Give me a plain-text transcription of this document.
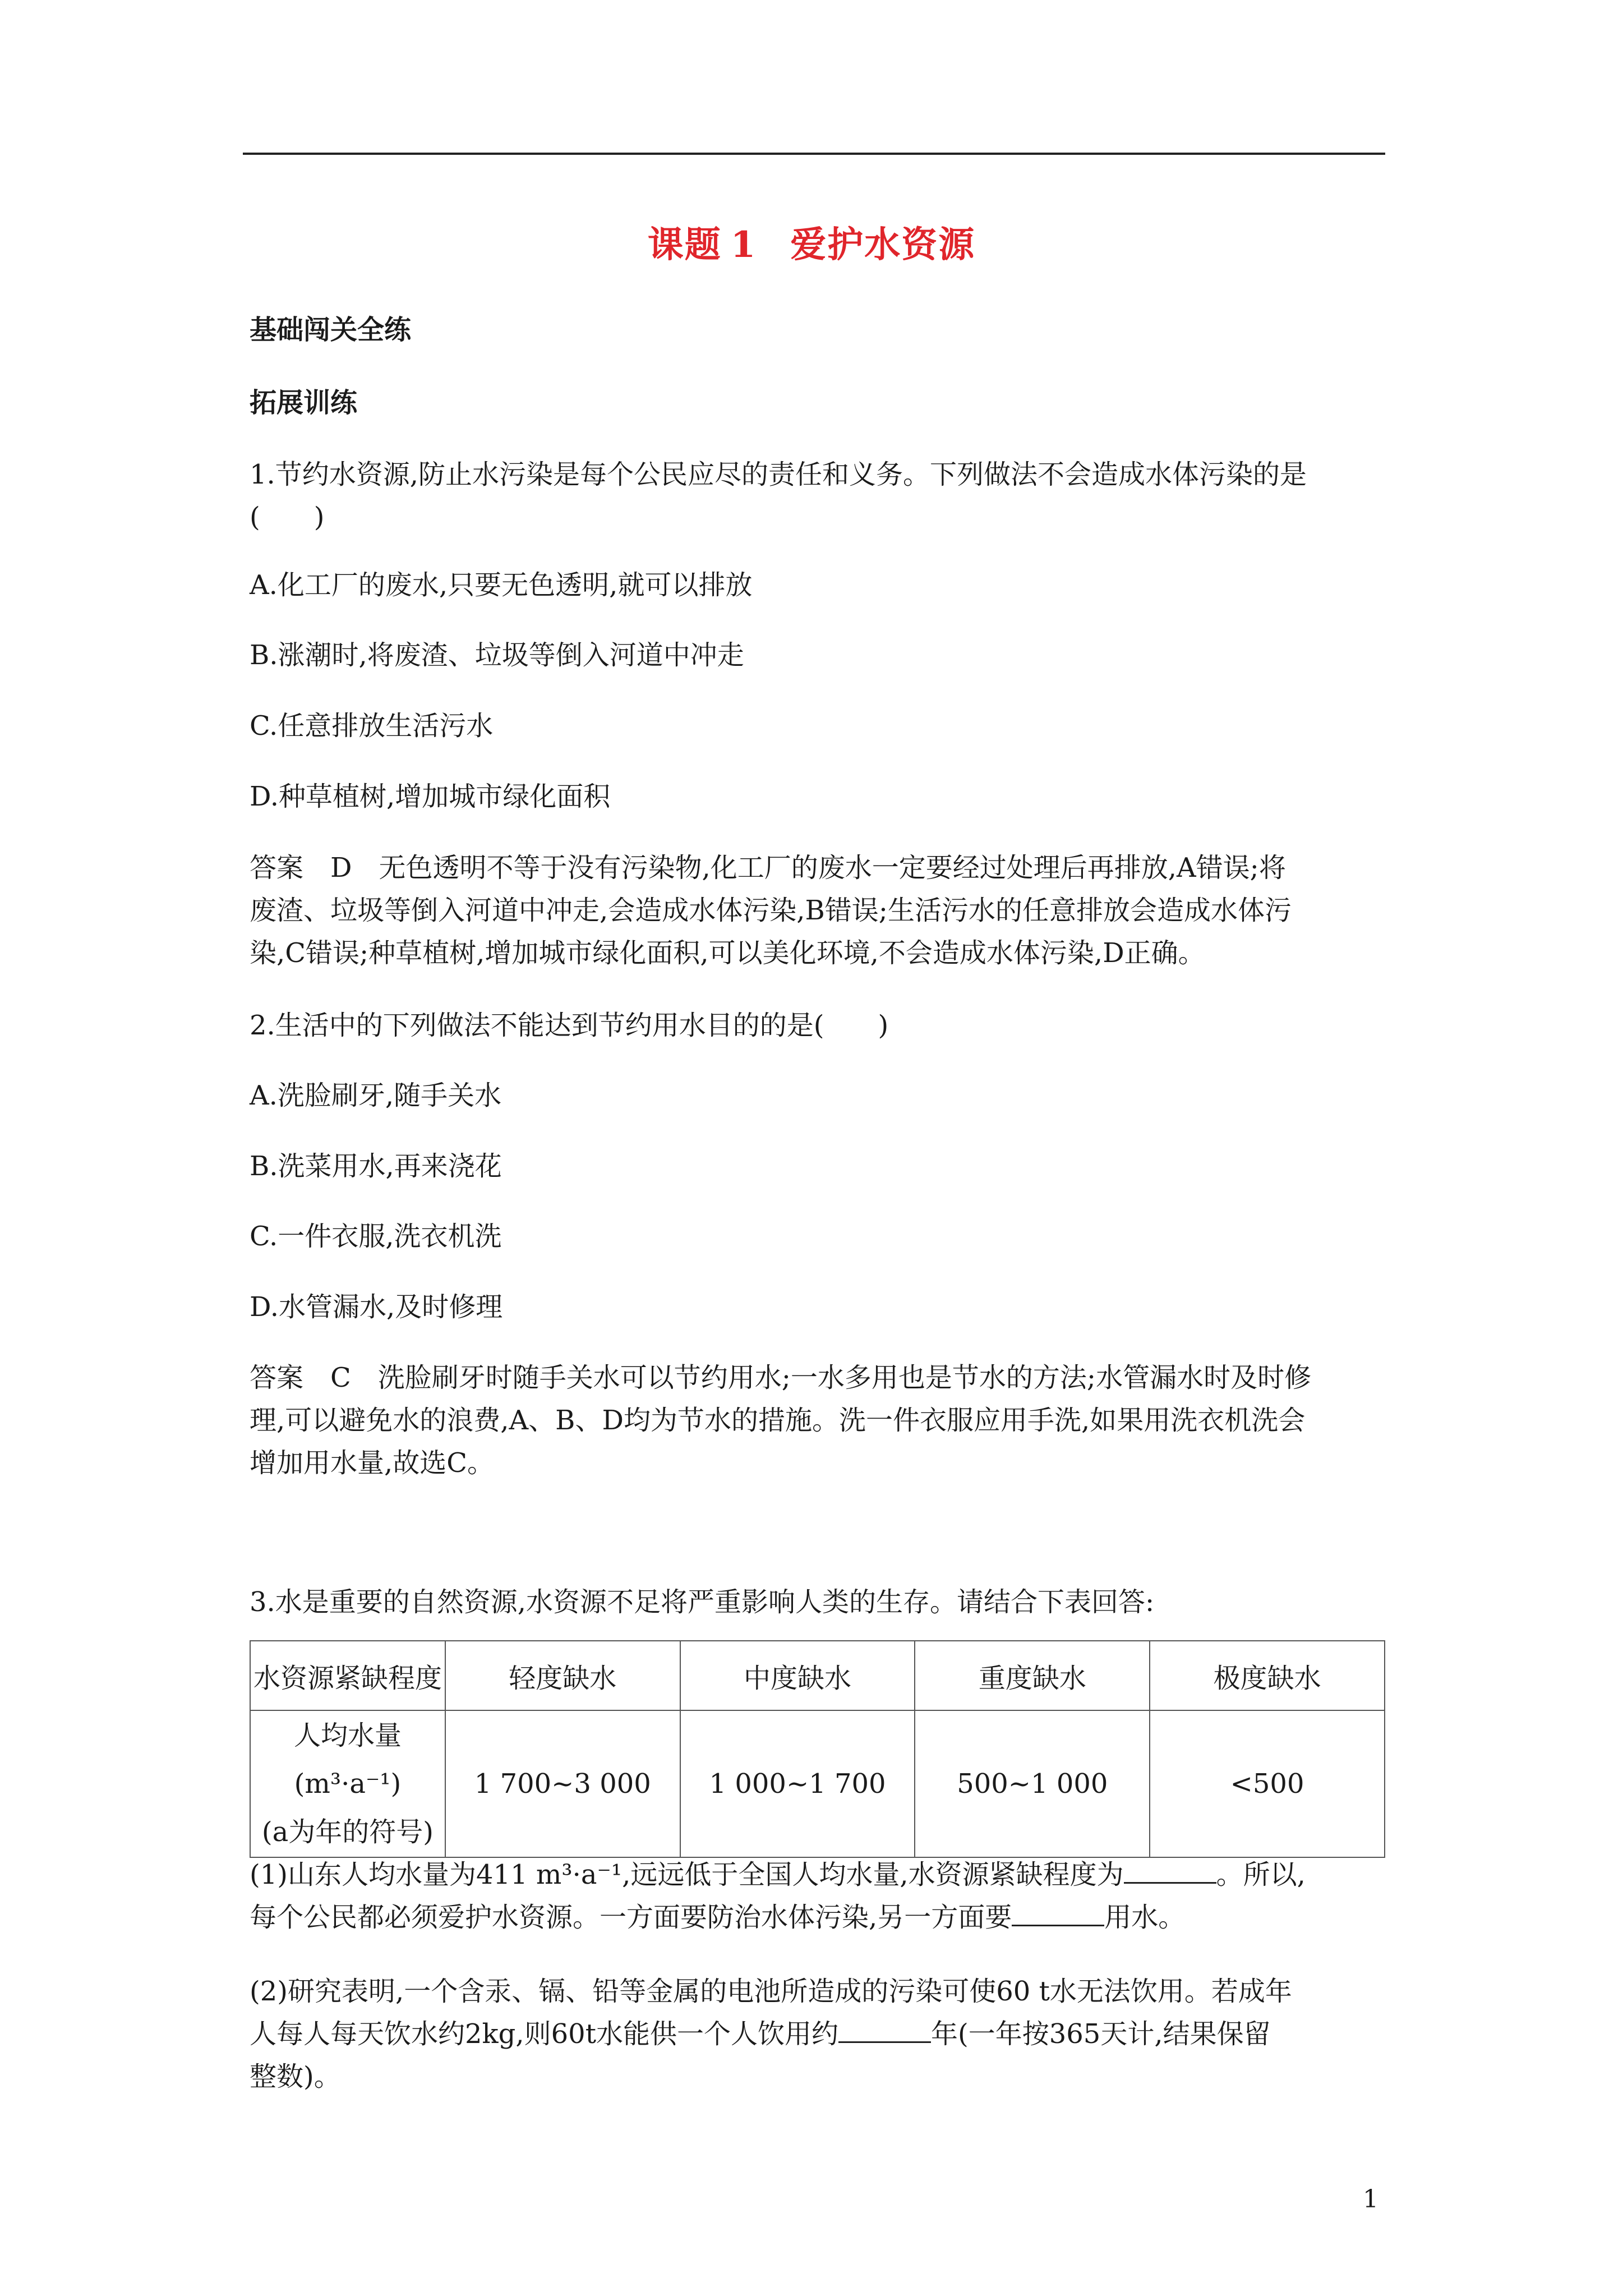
课题 1 爱护水资源
基础闯关全练
拓展训练
1.节约水资源,防止水污染是每个公民应尽的责任和义务。下列做法不会造成水体污染的是
(　　)
A.化工厂的废水,只要无色透明,就可以排放
B.涨潮时,将废渣、垃圾等倒入河道中冲走
C.任意排放生活污水
D.种草植树,增加城市绿化面积
答案　D　无色透明不等于没有污染物,化工厂的废水一定要经过处理后再排放,A错误;将
废渣、垃圾等倒入河道中冲走,会造成水体污染,B错误;生活污水的任意排放会造成水体污
染,C错误;种草植树,增加城市绿化面积,可以美化环境,不会造成水体污染,D正确。
2.生活中的下列做法不能达到节约用水目的的是(　　)
A.洗脸刷牙,随手关水
B.洗菜用水,再来浇花
C.一件衣服,洗衣机洗
D.水管漏水,及时修理
答案　C　洗脸刷牙时随手关水可以节约用水;一水多用也是节水的方法;水管漏水时及时修
理,可以避免水的浪费,A、B、D均为节水的措施。洗一件衣服应用手洗,如果用洗衣机洗会
增加用水量,故选C。
3.水是重要的自然资源,水资源不足将严重影响人类的生存。请结合下表回答:
水资源紧缺程度	轻度缺水	中度缺水	重度缺水	极度缺水

人均水量(m³·a⁻¹)
(a为年的符号)	1 700~3 000	1 000~1 700	500~1 000	<500
(1)山东人均水量为411 m³·a⁻¹,远远低于全国人均水量,水资源紧缺程度为	。所以,
每个公民都必须爱护水资源。一方面要防治水体污染,另一方面要	用水。
(2)研究表明,一个含汞、镉、铅等金属的电池所造成的污染可使60 t水无法饮用。若成年
人每人每天饮水约2kg,则60t水能供一个人饮用约	年(一年按365天计,结果保留
整数)。
1
